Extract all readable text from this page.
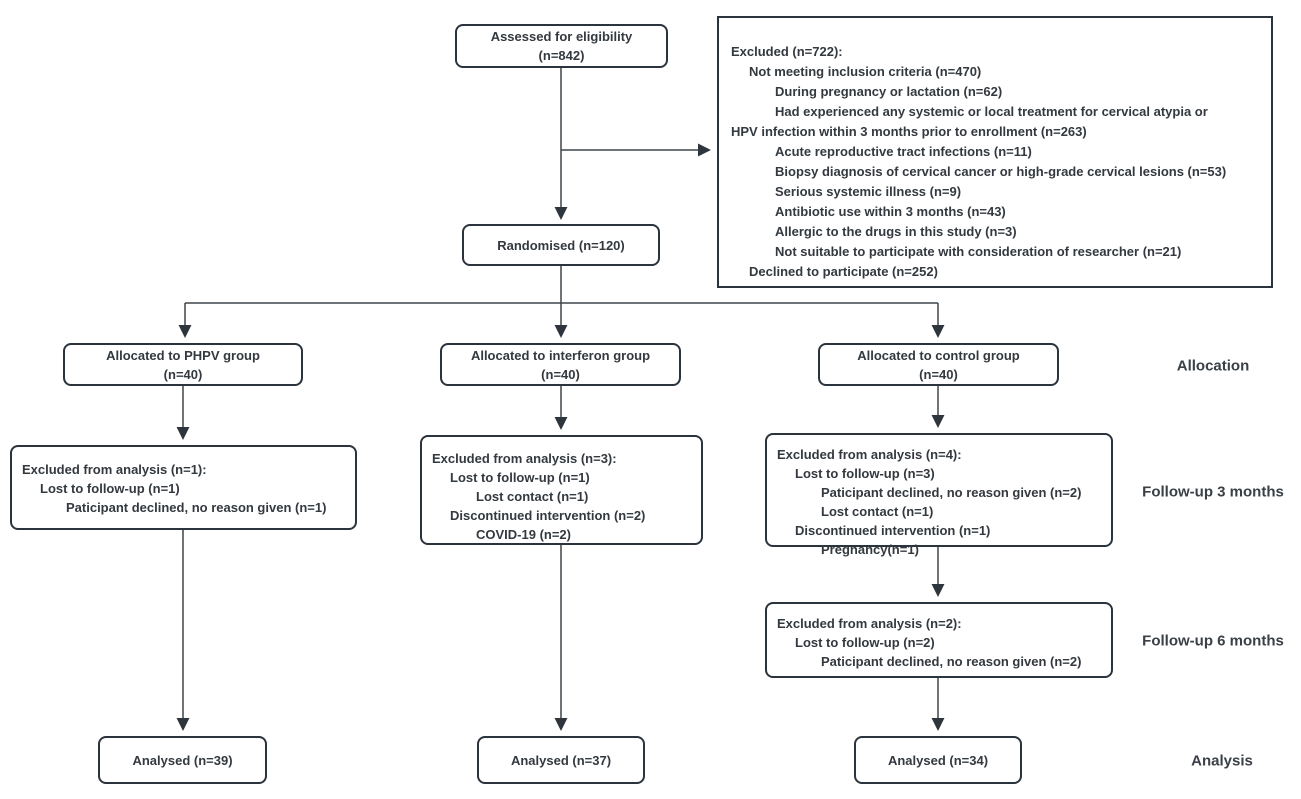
Assessed for eligibility
(n=842)	Excluded (n=722):
Not meeting inclusion criteria (n=470)
During pregnancy or lactation (n=62)
Had experienced any systemic or local treatment for cervical atypia or
HPV infection within 3 months prior to enrollment (n=263)
Acute reproductive tract infections (n=11)
Biopsy diagnosis of cervical cancer or high-grade cervical lesions (n=53)
Serious systemic illness (n=9)
Antibiotic use within 3 months (n=43)
Allergic to the drugs in this study (n=3)
Not suitable to participate with consideration of researcher (n=21)
Declined to participate (n=252)
Randomised (n=120)
Allocated to PHPV group
(n=40)
Allocated to interferon group
(n=40)
Allocated to control group
(n=40)
Excluded from analysis (n=1):
Lost to follow-up (n=1)
Paticipant declined, no reason given (n=1)
Excluded from analysis (n=3):
Lost to follow-up (n=1)
Lost contact (n=1)
Discontinued intervention (n=2)
COVID-19 (n=2)
Excluded from analysis (n=4):
Lost to follow-up (n=3)
Paticipant declined, no reason given (n=2)
Lost contact (n=1)
Discontinued intervention (n=1)
Pregnancy(n=1)
Excluded from analysis (n=2):
Lost to follow-up (n=2)
Paticipant declined, no reason given (n=2)
Analysed (n=39)	Analysed (n=37)	Analysed (n=34)
Allocation
Follow-up 3 months
Follow-up 6 months
Analysis
